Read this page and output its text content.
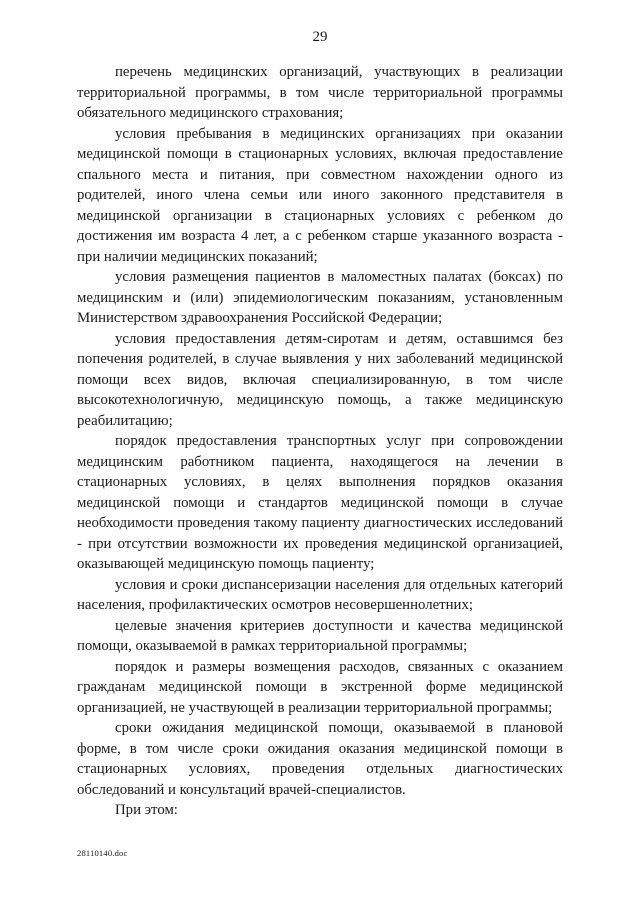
29

перечень медицинских организаций, участвующих в реализации территориальной программы, в том числе территориальной программы обязательного медицинского страхования;

условия пребывания в медицинских организациях при оказании медицинской помощи в стационарных условиях, включая предоставление спального места и питания, при совместном нахождении одного из родителей, иного члена семьи или иного законного представителя в медицинской организации в стационарных условиях с ребенком до достижения им возраста 4 лет, а с ребенком старше указанного возраста - при наличии медицинских показаний;

условия размещения пациентов в маломестных палатах (боксах) по медицинским и (или) эпидемиологическим показаниям, установленным Министерством здравоохранения Российской Федерации;

условия предоставления детям-сиротам и детям, оставшимся без попечения родителей, в случае выявления у них заболеваний медицинской помощи всех видов, включая специализированную, в том числе высокотехнологичную, медицинскую помощь, а также медицинскую реабилитацию;

порядок предоставления транспортных услуг при сопровождении медицинским работником пациента, находящегося на лечении в стационарных условиях, в целях выполнения порядков оказания медицинской помощи и стандартов медицинской помощи в случае необходимости проведения такому пациенту диагностических исследований - при отсутствии возможности их проведения медицинской организацией, оказывающей медицинскую помощь пациенту;

условия и сроки диспансеризации населения для отдельных категорий населения, профилактических осмотров несовершеннолетних;

целевые значения критериев доступности и качества медицинской помощи, оказываемой в рамках территориальной программы;

порядок и размеры возмещения расходов, связанных с оказанием гражданам медицинской помощи в экстренной форме медицинской организацией, не участвующей в реализации территориальной программы;

сроки ожидания медицинской помощи, оказываемой в плановой форме, в том числе сроки ожидания оказания медицинской помощи в стационарных условиях, проведения отдельных диагностических обследований и консультаций врачей-специалистов.

При этом:

28110140.doc
